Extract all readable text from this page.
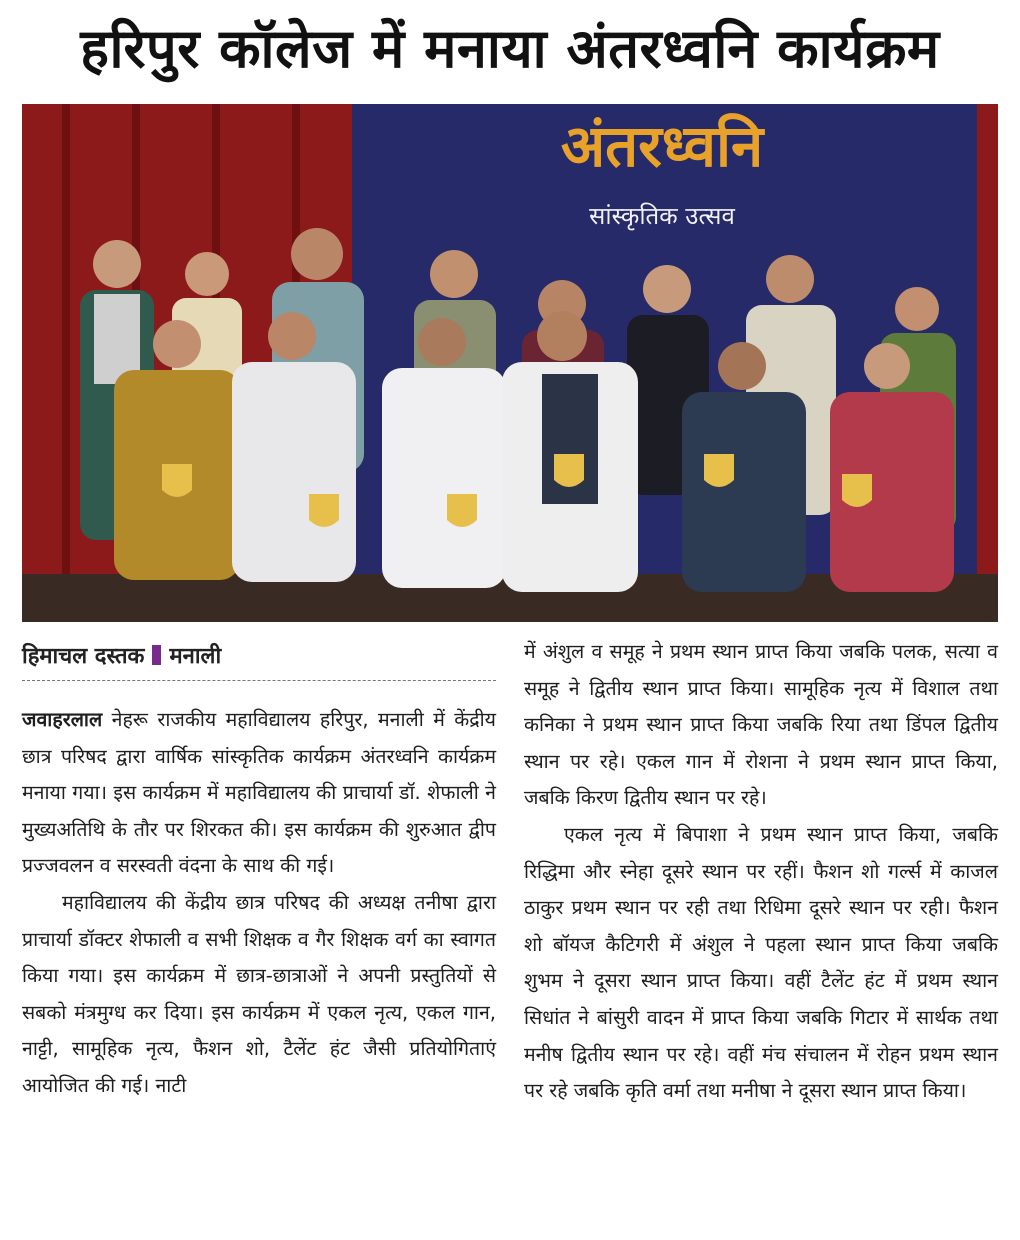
हरिपुर कॉलेज में मनाया अंतरध्वनि कार्यक्रम
अंतरध्वनि
सांस्कृतिक उत्सव
हिमाचल दस्तक मनाली

जवाहरलाल नेहरू राजकीय महाविद्यालय हरिपुर, मनाली में केंद्रीय छात्र परिषद द्वारा वार्षिक सांस्कृतिक कार्यक्रम अंतरध्वनि कार्यक्रम मनाया गया। इस कार्यक्रम में महाविद्यालय की प्राचार्या डॉ. शेफाली ने मुख्यअतिथि के तौर पर शिरकत की। इस कार्यक्रम की शुरुआत द्वीप प्रज्जवलन व सरस्वती वंदना के साथ की गई।

महाविद्यालय की केंद्रीय छात्र परिषद की अध्यक्ष तनीषा द्वारा प्राचार्या डॉक्टर शेफाली व सभी शिक्षक व गैर शिक्षक वर्ग का स्वागत किया गया। इस कार्यक्रम में छात्र-छात्राओं ने अपनी प्रस्तुतियों से सबको मंत्रमुग्ध कर दिया। इस कार्यक्रम में एकल नृत्य, एकल गान, नाट्टी, सामूहिक नृत्य, फैशन शो, टैलेंट हंट जैसी प्रतियोगिताएं आयोजित की गई। नाटी

में अंशुल व समूह ने प्रथम स्थान प्राप्त किया जबकि पलक, सत्या व समूह ने द्वितीय स्थान प्राप्त किया। सामूहिक नृत्य में विशाल तथा कनिका ने प्रथम स्थान प्राप्त किया जबकि रिया तथा डिंपल द्वितीय स्थान पर रहे। एकल गान में रोशना ने प्रथम स्थान प्राप्त किया, जबकि किरण द्वितीय स्थान पर रहे।

एकल नृत्य में बिपाशा ने प्रथम स्थान प्राप्त किया, जबकि रिद्धिमा और स्नेहा दूसरे स्थान पर रहीं। फैशन शो गर्ल्स में काजल ठाकुर प्रथम स्थान पर रही तथा रिधिमा दूसरे स्थान पर रही। फैशन शो बॉयज कैटिगरी में अंशुल ने पहला स्थान प्राप्त किया जबकि शुभम ने दूसरा स्थान प्राप्त किया। वहीं टैलेंट हंट में प्रथम स्थान सिधांत ने बांसुरी वादन में प्राप्त किया जबकि गिटार में सार्थक तथा मनीष द्वितीय स्थान पर रहे। वहीं मंच संचालन में रोहन प्रथम स्थान पर रहे जबकि कृति वर्मा तथा मनीषा ने दूसरा स्थान प्राप्त किया।
